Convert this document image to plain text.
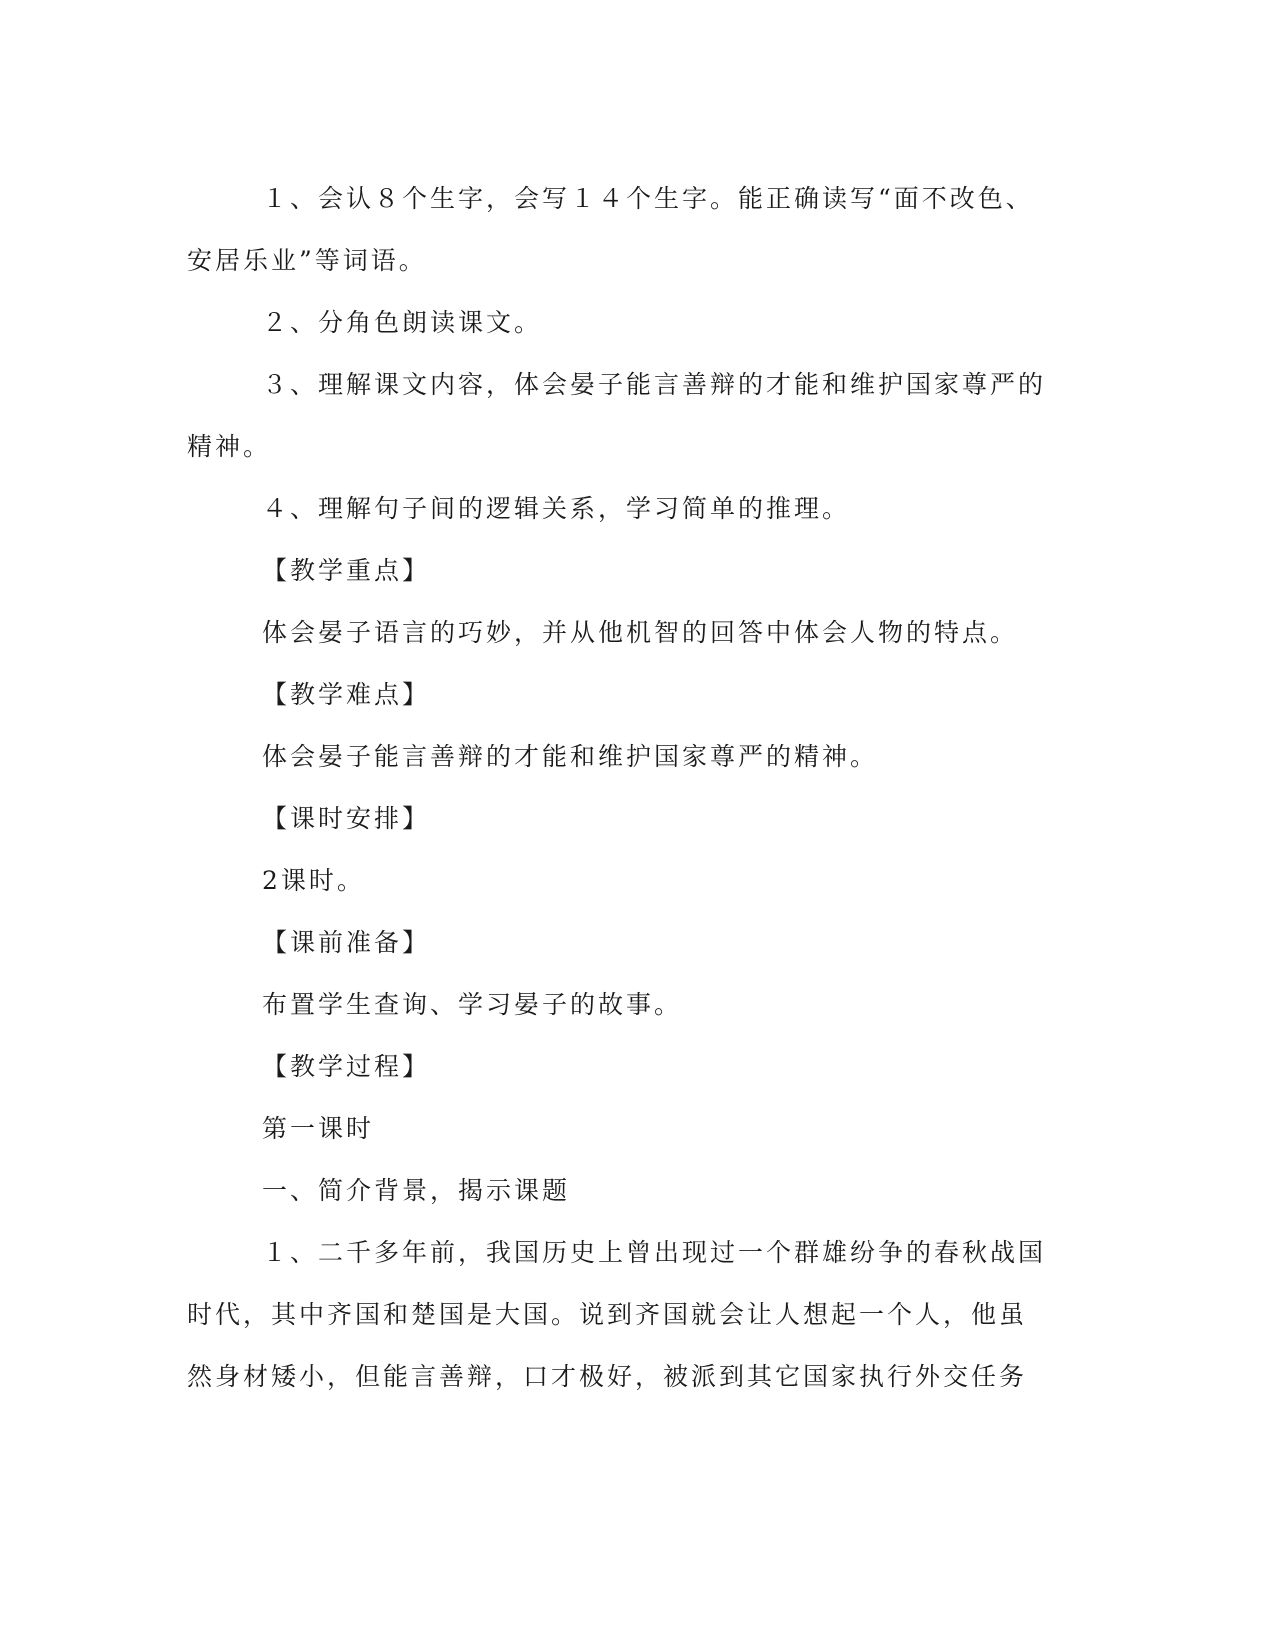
１、会认８个生字，会写１４个生字。能正确读写“面不改色、
安居乐业”等词语。
２、分角色朗读课文。
３、理解课文内容，体会晏子能言善辩的才能和维护国家尊严的
精神。
４、理解句子间的逻辑关系，学习简单的推理。
【教学重点】
体会晏子语言的巧妙，并从他机智的回答中体会人物的特点。
【教学难点】
体会晏子能言善辩的才能和维护国家尊严的精神。
【课时安排】
2课时。
【课前准备】
布置学生查询、学习晏子的故事。
【教学过程】
第一课时
一、简介背景，揭示课题
１、二千多年前，我国历史上曾出现过一个群雄纷争的春秋战国
时代，其中齐国和楚国是大国。说到齐国就会让人想起一个人，他虽
然身材矮小，但能言善辩，口才极好，被派到其它国家执行外交任务
